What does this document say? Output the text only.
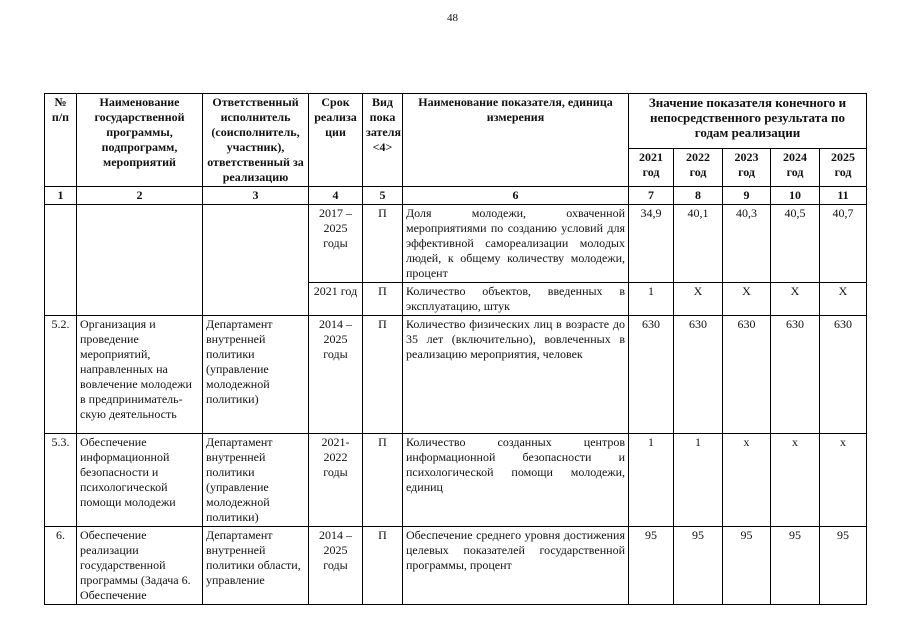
48
№ п/п	Наименование государственной программы, подпрограмм, мероприятий	Ответственный исполнитель (соисполнитель, участник), ответственный за реализацию	Срок реализа ции	Вид пока зателя <4>	Наименование показателя, единица измерения	Значение показателя конечного и непосредственного результата по годам реализации				
						2021 год	2022 год	2023 год	2024 год	2025 год
1	2	3	4	5	6	7	8	9	10	11
			2017 – 2025 годы	П	Доля молодежи, охваченной мероприятиями по созданию условий для эффективной самореализации молодых людей, к общему количеству молодежи, процент	34,9	40,1	40,3	40,5	40,7
			2021 год	П	Количество объектов, введенных в эксплуатацию, штук	1	Х	Х	Х	Х
5.2.	Организация и проведение мероприятий, направленных на вовлечение молодежи в предприниматель-скую деятельность	Департамент внутренней политики (управление молодежной политики)	2014 – 2025 годы	П	Количество физических лиц в возрасте до 35 лет (включительно), вовлеченных в реализацию мероприятия, человек	630	630	630	630	630
5.3.	Обеспечение информационной безопасности и психологической помощи молодежи	Департамент внутренней политики (управление молодежной политики)	2021- 2022 годы	П	Количество созданных центров информационной безопасности и психологической помощи молодежи, единиц	1	1	х	х	х
6.	Обеспечение реализации государственной программы (Задача 6. Обеспечение	Департамент внутренней политики области, управление	2014 – 2025 годы	П	Обеспечение среднего уровня достижения целевых показателей государственной программы, процент	95	95	95	95	95
